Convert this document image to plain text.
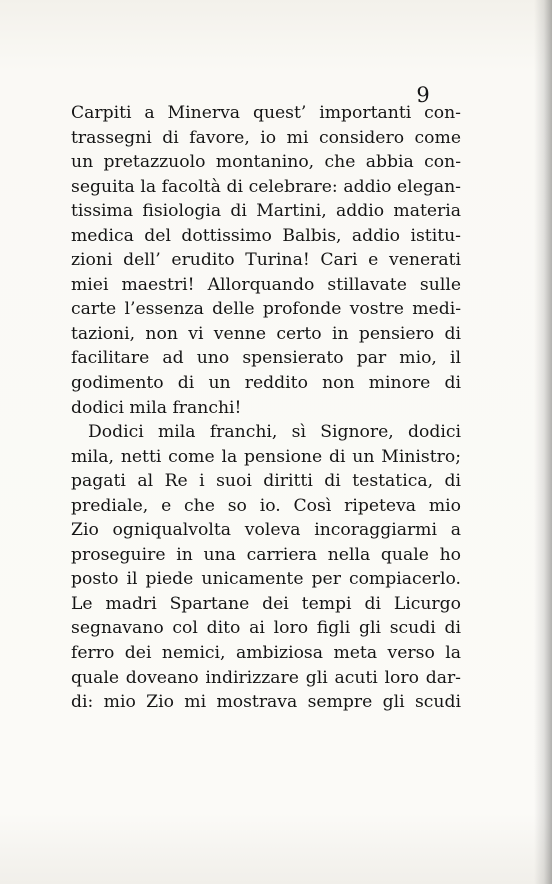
9
Carpiti a Minerva quest’ importanti con-
trassegni di favore, io mi considero come
un pretazzuolo montanino, che abbia con-
seguita la facoltà di celebrare: addio elegan-
tissima fisiologia di Martini, addio materia
medica del dottissimo Balbis, addio istitu-
zioni dell’ erudito Turina! Cari e venerati
miei maestri! Allorquando stillavate sulle
carte l’essenza delle profonde vostre medi-
tazioni, non vi venne certo in pensiero di
facilitare ad uno spensierato par mio, il
godimento di un reddito non minore di
dodici mila franchi!
Dodici mila franchi, sì Signore, dodici
mila, netti come la pensione di un Ministro;
pagati al Re i suoi diritti di testatica, di
prediale, e che so io. Così ripeteva mio
Zio ogniqualvolta voleva incoraggiarmi a
proseguire in una carriera nella quale ho
posto il piede unicamente per compiacerlo.
Le madri Spartane dei tempi di Licurgo
segnavano col dito ai loro figli gli scudi di
ferro dei nemici, ambiziosa meta verso la
quale doveano indirizzare gli acuti loro dar-
di: mio Zio mi mostrava sempre gli scudi
